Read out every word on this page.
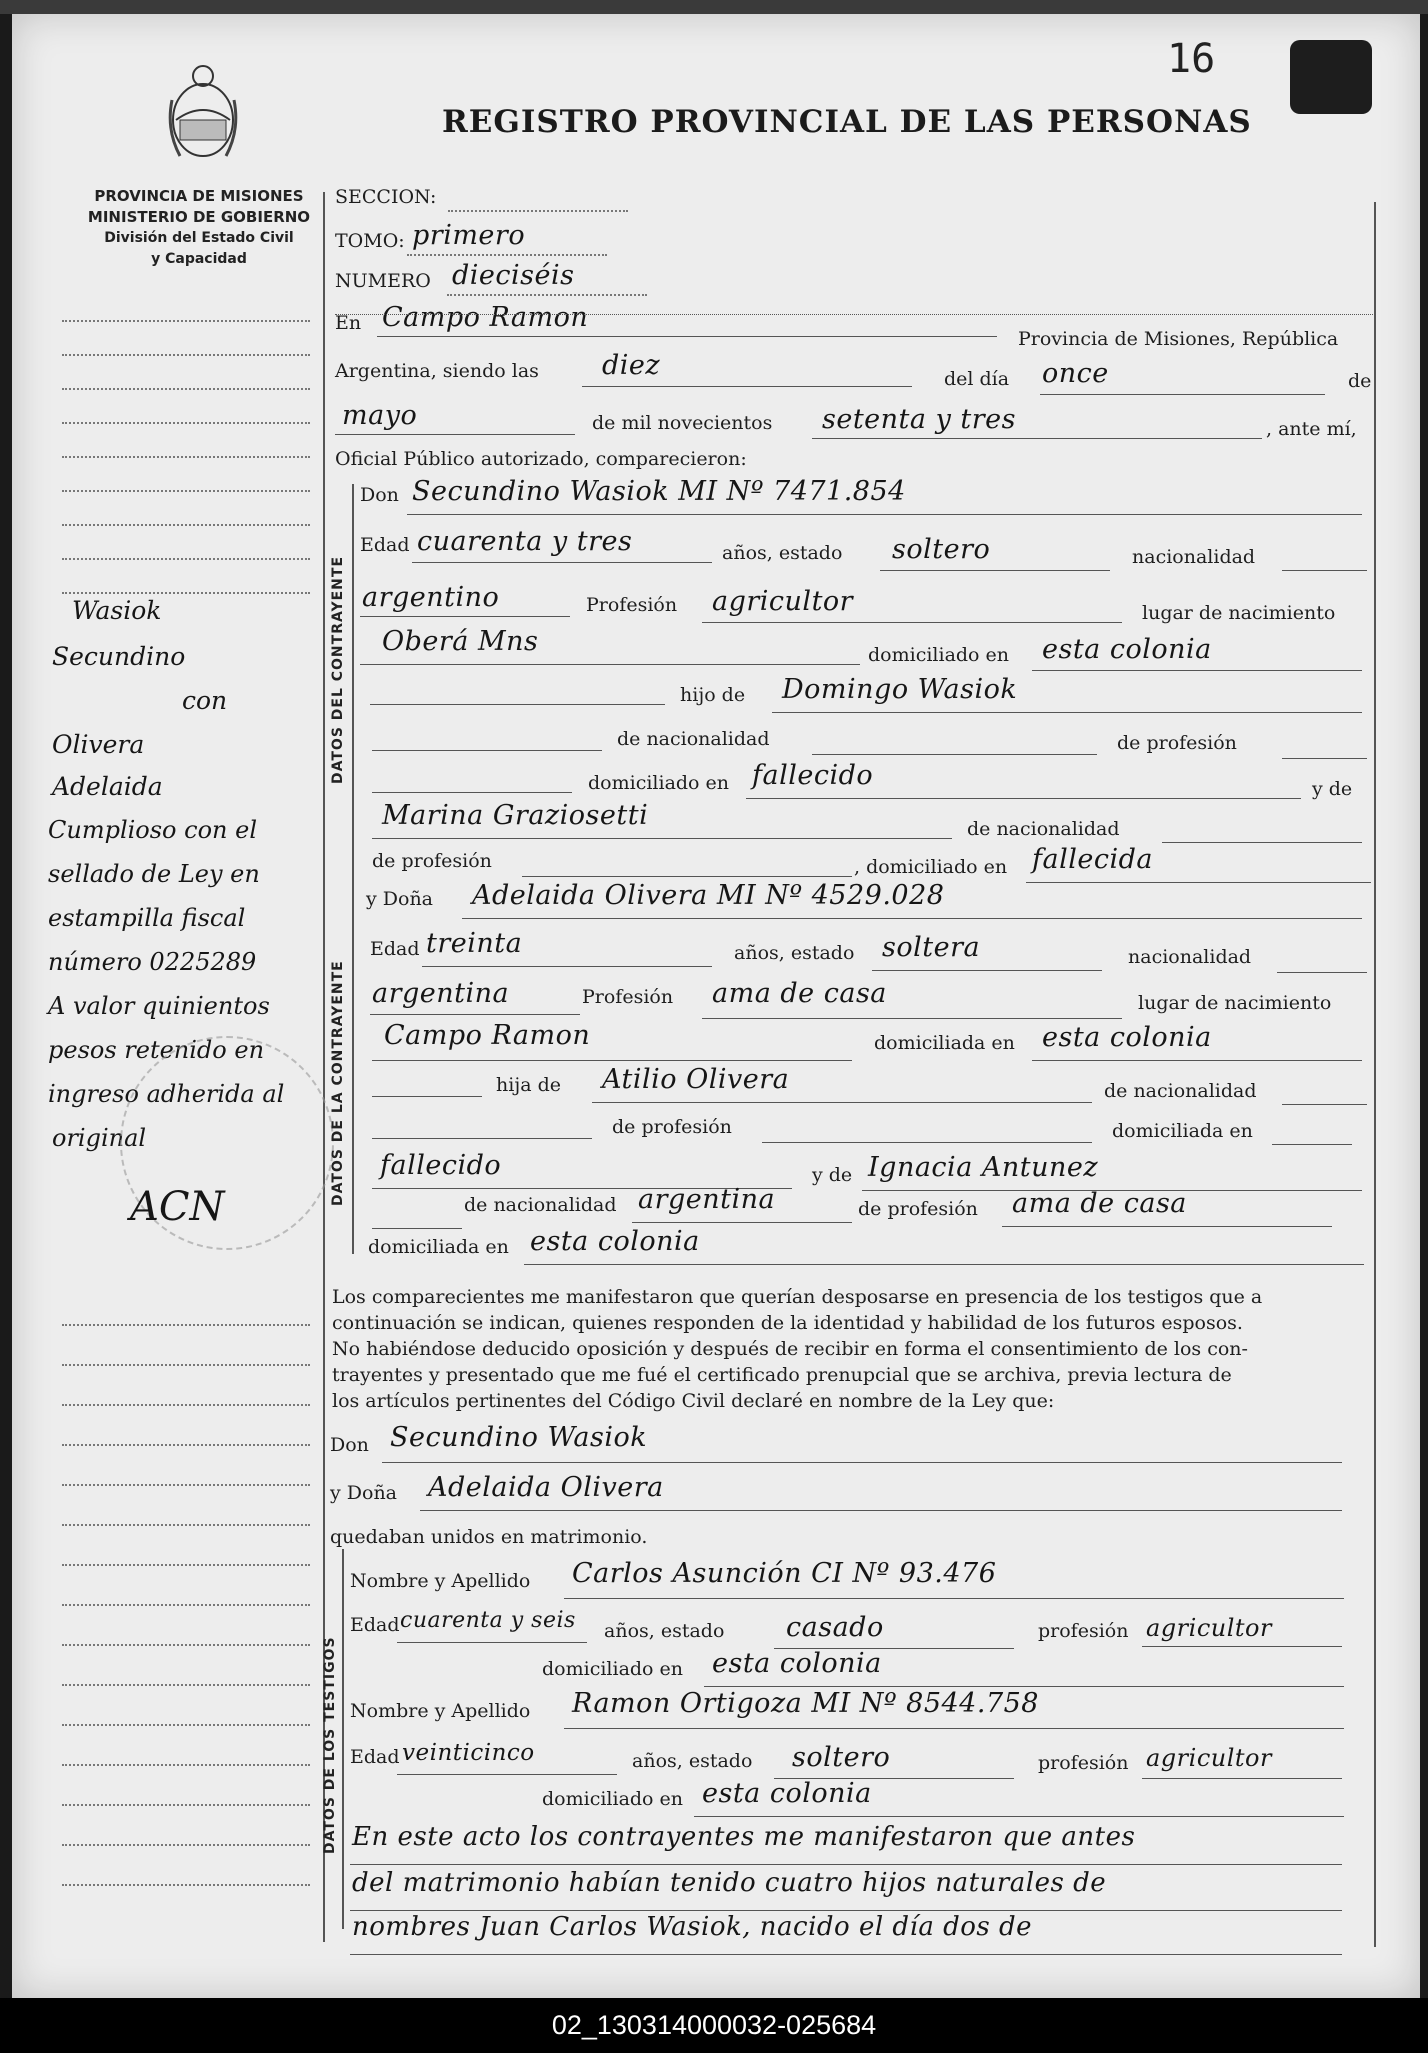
16
REGISTRO PROVINCIAL DE LAS PERSONAS
PROVINCIA DE MISIONES
MINISTERIO DE GOBIERNO
División del Estado Civil
y Capacidad
Wasiok
Secundino
con
Olivera
Adelaida
Cumplioso con el
sellado de Ley en
estampilla fiscal
número 0225289
A valor quinientos
pesos retenido en
ingreso adherida al
original
ACN
SECCION:
TOMO: primero
NUMERO dieciséis
En Campo Ramon
Provincia de Misiones, República
Argentina, siendo las diez	del día once	de
mayo	de mil novecientos setenta y tres	, ante mí,
Oficial Público autorizado, comparecieron:
DATOS DEL CONTRAYENTE
DATOS DE LA CONTRAYENTE
DATOS DE LOS TESTIGOS
Don Secundino Wasiok MI Nº 7471.854
Edad cuarenta y tres	años, estado soltero	nacionalidad
argentino	Profesión agricultor	lugar de nacimiento
Oberá Mns	domiciliado en esta colonia
hijo de Domingo Wasiok
de nacionalidad	de profesión
domiciliado en fallecido	y de
Marina Graziosetti	de nacionalidad
de profesión	, domiciliado en fallecida
y Doña Adelaida Olivera MI Nº 4529.028
Edad treinta	años, estado soltera	nacionalidad
argentina	Profesión ama de casa	lugar de nacimiento
Campo Ramon	domiciliada en esta colonia
hija de Atilio Olivera	de nacionalidad
de profesión	domiciliada en
fallecido	y de Ignacia Antunez
de nacionalidad argentina	de profesión ama de casa
domiciliada en esta colonia
Los comparecientes me manifestaron que querían desposarse en presencia de los testigos que a
continuación se indican, quienes responden de la identidad y habilidad de los futuros esposos.
No habiéndose deducido oposición y después de recibir en forma el consentimiento de los con-
trayentes y presentado que me fué el certificado prenupcial que se archiva, previa lectura de
los artículos pertinentes del Código Civil declaré en nombre de la Ley que:
Don Secundino Wasiok
y Doña Adelaida Olivera
quedaban unidos en matrimonio.
Nombre y Apellido Carlos Asunción CI Nº 93.476
Edad cuarenta y seis años, estado casado	profesión agricultor
domiciliado en esta colonia
Nombre y Apellido Ramon Ortigoza MI Nº 8544.758
Edad veinticinco	años, estado soltero	profesión agricultor
domiciliado en esta colonia
En este acto los contrayentes me manifestaron que antes
del matrimonio habían tenido cuatro hijos naturales de
nombres Juan Carlos Wasiok, nacido el día dos de
02_130314000032-025684
